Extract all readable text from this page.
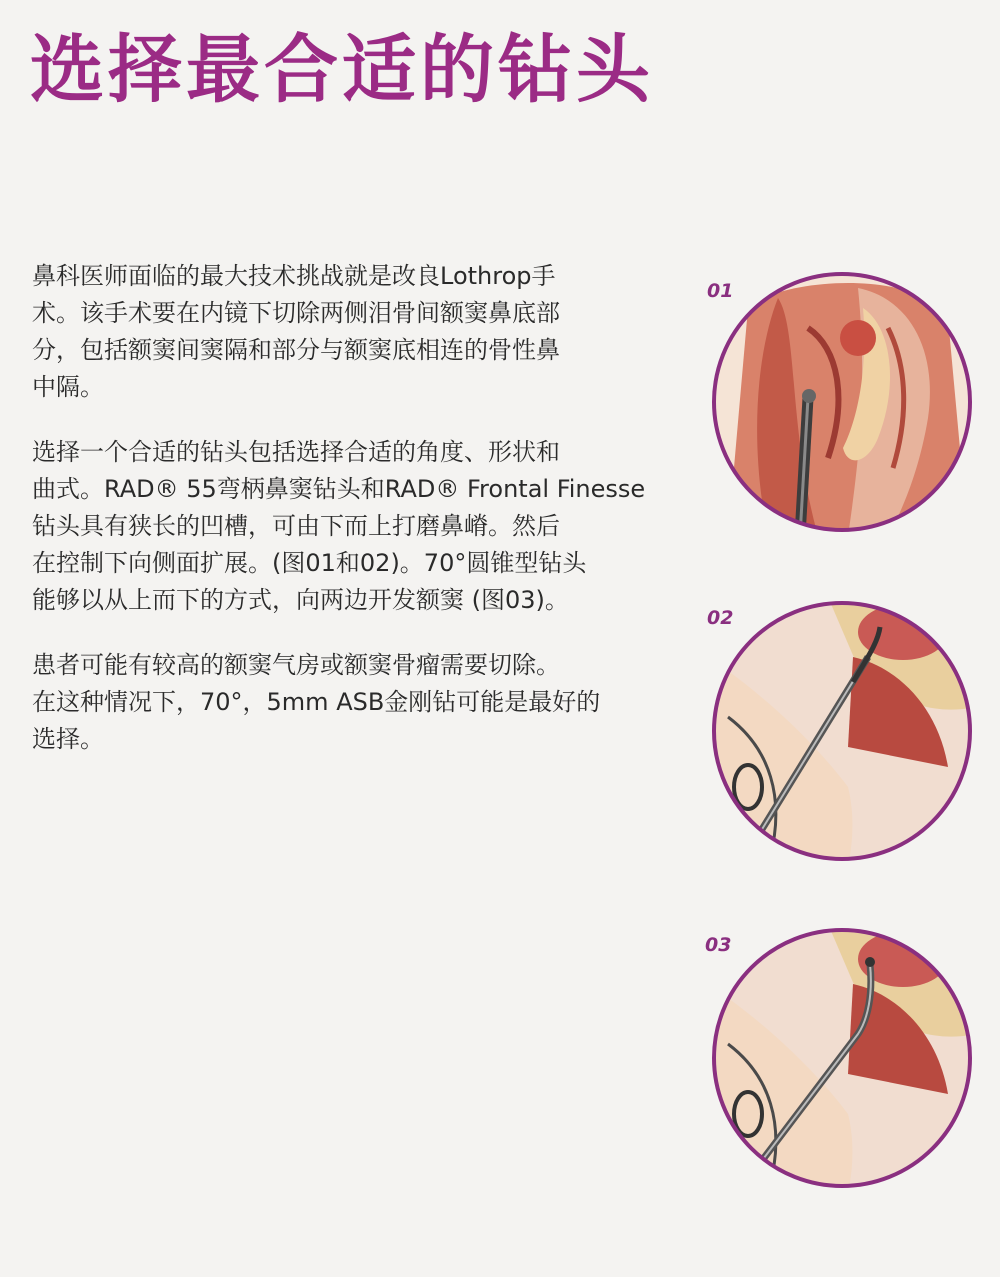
选择最合适的钻头

鼻科医师面临的最大技术挑战就是改良Lothrop手
术。该手术要在内镜下切除两侧泪骨间额窦鼻底部
分，包括额窦间窦隔和部分与额窦底相连的骨性鼻
中隔。

选择一个合适的钻头包括选择合适的角度、形状和
曲式。RAD® 55弯柄鼻窦钻头和RAD® Frontal Finesse
钻头具有狭长的凹槽，可由下而上打磨鼻嵴。然后
在控制下向侧面扩展。(图01和02)。70°圆锥型钻头
能够以从上而下的方式，向两边开发额窦 (图03)。

患者可能有较高的额窦气房或额窦骨瘤需要切除。
在这种情况下，70°，5mm ASB金刚钻可能是最好的
选择。

01
02
03
